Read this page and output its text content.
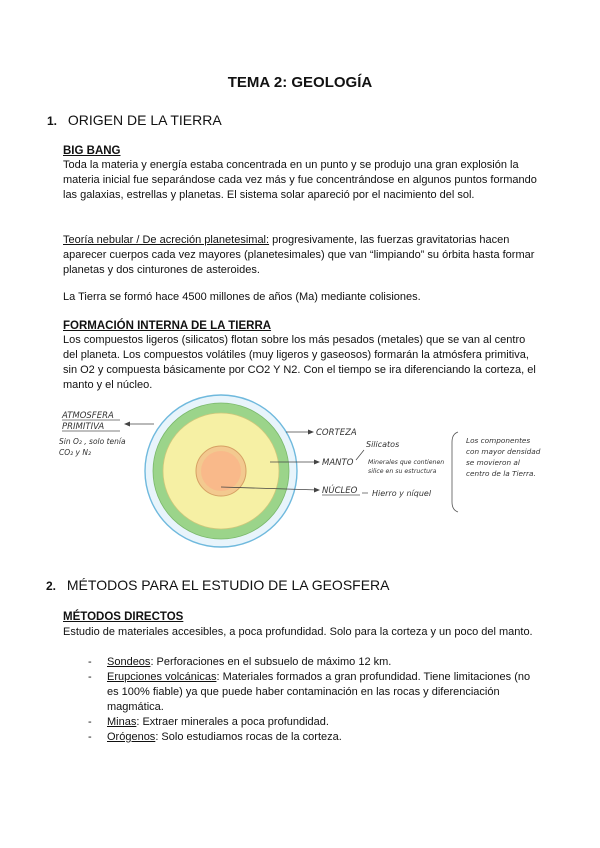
TEMA 2: GEOLOGÍA
1. ORIGEN DE LA TIERRA
BIG BANG

Toda la materia y energía estaba concentrada en un punto y se produjo una gran explosión la materia inicial fue separándose cada vez más y fue concentrándose en algunos puntos formando las galaxias, estrellas y planetas. El sistema solar apareció por el nacimiento del sol.

Teoría nebular / De acreción planetesimal: progresivamente, las fuerzas gravitatorias hacen aparecer cuerpos cada vez mayores (planetesimales) que van “limpiando” su órbita hasta formar planetas y dos cinturones de asteroides.

La Tierra se formó hace 4500 millones de años (Ma) mediante colisiones.

FORMACIÓN INTERNA DE LA TIERRA

Los compuestos ligeros (silicatos) flotan sobre los más pesados (metales) que se van al centro del planeta. Los compuestos volátiles (muy ligeros y gaseosos) formarán la atmósfera primitiva, sin O2 y compuesta básicamente por CO2 Y N2. Con el tiempo se ira diferenciando la corteza, el manto y el núcleo.

ATMOSFERA
PRIMITIVA
Sin O₂ , solo tenía
CO₂ y N₂
CORTEZA
MANTO
NÚCLEO
Silicatos
Minerales que contienen
silice en su estructura
Hierro y níquel
Los componentes
con mayor densidad
se movieron al
centro de la Tierra.
2. MÉTODOS PARA EL ESTUDIO DE LA GEOSFERA
MÉTODOS DIRECTOS

Estudio de materiales accesibles, a poca profundidad. Solo para la corteza y un poco del manto.

- Sondeos: Perforaciones en el subsuelo de máximo 12 km.
- Erupciones volcánicas: Materiales formados a gran profundidad. Tiene limitaciones (no es 100% fiable) ya que puede haber contaminación en las rocas y diferenciación magmática.
- Minas: Extraer minerales a poca profundidad.
- Orógenos: Solo estudiamos rocas de la corteza.
